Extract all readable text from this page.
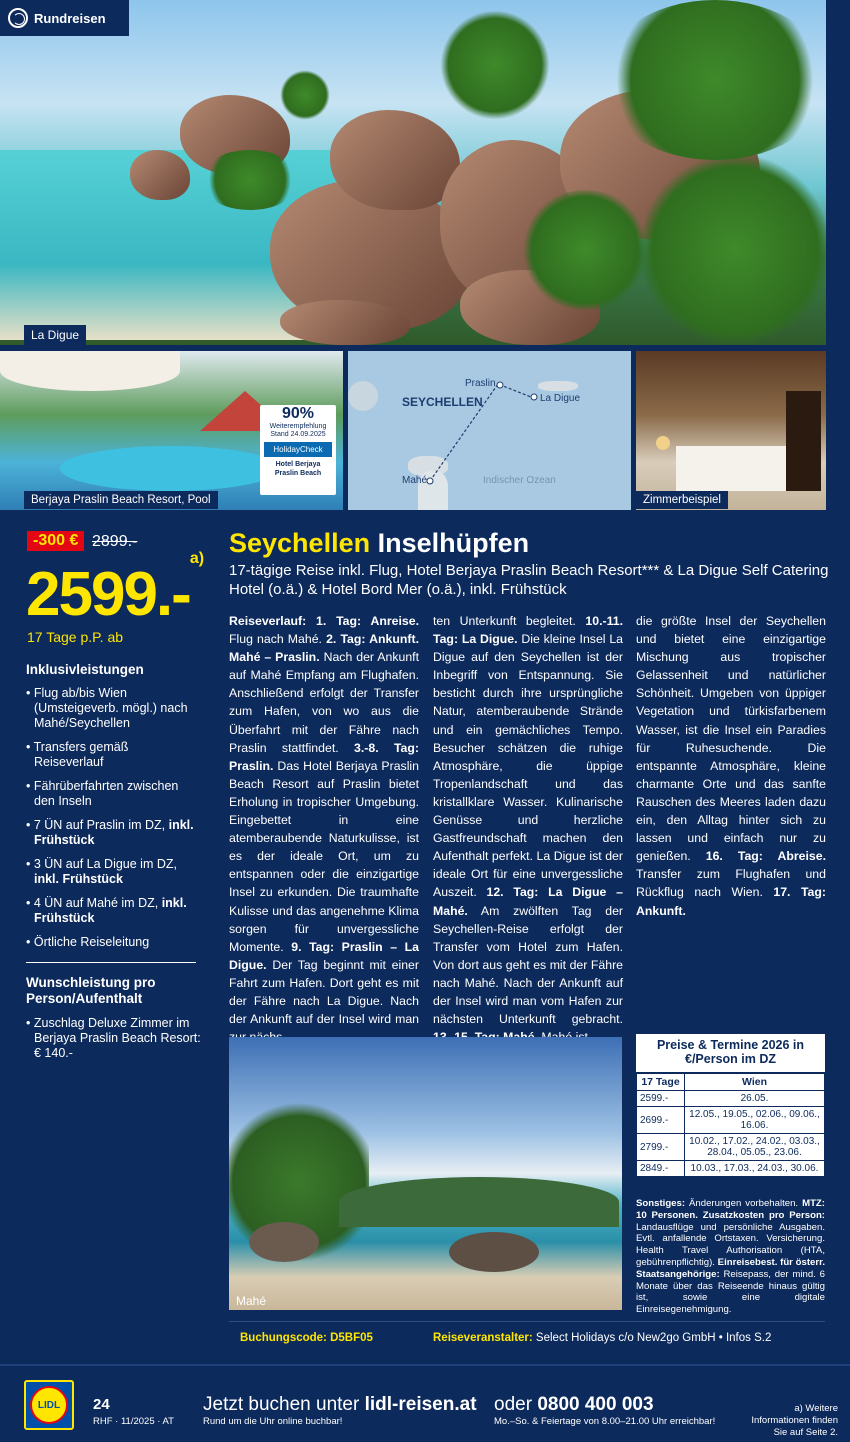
Rundreisen
La Digue
90%
Weiterempfehlung
Stand 24.09.2025
HolidayCheck
Hotel Berjaya Praslin Beach
Berjaya Praslin Beach Resort, Pool
SEYCHELLEN
Praslin
La Digue
Mahé	Indischer Ozean
Zimmerbeispiel
-300 € 2899.-
2599.-$^{a)}$
17 Tage p.P. ab
Inklusivleistungen
• Flug ab/bis Wien (Umsteigeverb. mögl.) nach Mahé/Seychellen
• Transfers gemäß Reiseverlauf
• Fährüberfahrten zwischen den Inseln
• 7 ÜN auf Praslin im DZ, inkl. Frühstück
• 3 ÜN auf La Digue im DZ, inkl. Frühstück
• 4 ÜN auf Mahé im DZ, inkl. Frühstück
• Örtliche Reiseleitung
Wunschleistung pro Person/Aufenthalt
• Zuschlag Deluxe Zimmer im Berjaya Praslin Beach Resort: € 140.-
Seychellen Inselhüpfen
17-tägige Reise inkl. Flug, Hotel Berjaya Praslin Beach Resort*** & La Digue Self Catering Hotel (o.ä.) & Hotel Bord Mer (o.ä.), inkl. Frühstück
Reiseverlauf: 1. Tag: Anreise. Flug nach Mahé. 2. Tag: Ankunft. Mahé – Praslin. Nach der Ankunft auf Mahé Empfang am Flughafen. Anschließend erfolgt der Transfer zum Hafen, von wo aus die Überfahrt mit der Fähre nach Praslin stattfindet. 3.-8. Tag: Praslin. Das Hotel Berjaya Praslin Beach Resort auf Praslin bietet Erholung in tropischer Umgebung. Eingebettet in eine atemberaubende Naturkulisse, ist es der ideale Ort, um zu entspannen oder die einzigartige Insel zu erkunden. Die traumhafte Kulisse und das angenehme Klima sorgen für unvergessliche Momente. 9. Tag: Praslin – La Digue. Der Tag beginnt mit einer Fahrt zum Hafen. Dort geht es mit der Fähre nach La Digue. Nach der Ankunft auf der Insel wird man
ten Unterkunft begleitet. 10.-11. Tag: La Digue. Die kleine Insel La Digue auf den Seychellen ist der Inbegriff von Entspannung. Sie besticht durch ihre ursprüngliche Natur, atemberaubende Strände und ein gemächliches Tempo. Besucher schätzen die ruhige Atmosphäre, die üppige Tropenlandschaft und das kristallklare Wasser. Kulinarische Genüsse und herzliche Gastfreundschaft machen den Aufenthalt perfekt. La Digue ist der ideale Ort für eine unvergessliche Auszeit. 12. Tag: La Digue – Mahé. Am zwölften Tag der Seychellen-Reise erfolgt der Transfer vom Hotel zum Hafen. Von dort aus geht es mit der Fähre nach Mahé. Nach der Ankunft auf der Insel wird man vom Hafen zur nächsten Unterkunft gebracht.
die größte Insel der Seychellen und bietet eine einzigartige Mischung aus tropischer Gelassenheit und natürlicher Schönheit. Umgeben von üppiger Vegetation und türkisfarbenem Wasser, ist die Insel ein Paradies für Ruhesuchende. Die entspannte Atmosphäre, kleine charmante Orte und das sanfte Rauschen des Meeres laden dazu ein, den Alltag hinter sich zu lassen und einfach nur zu genießen. 16. Tag: Abreise. Transfer zum Flughafen und Rückflug nach Wien. 17. Tag: Ankunft.
Mahé
Preise & Termine 2026 in €/Person im DZ
17 Tage	Wien
2599.-	26.05.
2699.-	12.05., 19.05., 02.06., 09.06., 16.06.
2799.-	10.02., 17.02., 24.02., 03.03., 28.04., 05.05., 23.06.
2849.-	10.03., 17.03., 24.03., 30.06.
Sonstiges: Änderungen vorbehalten. MTZ: 10 Personen. Zusatzkosten pro Person: Landausflüge und persönliche Ausgaben. Evtl. anfallende Ortstaxen. Versicherung. Health Travel Authorisation (HTA, gebührenpflichtig). Einreisebest. für österr. Staatsangehörige: Reisepass, der mind. 6 Monate über das Reiseende hinaus gültig ist, sowie eine digitale Einreisegenehmigung.
Buchungscode: D5BF05	Reiseveranstalter: Select Holidays c/o New2go GmbH • Infos S.2
LIDL 24
RHF · 11/2025 · AT
Jetzt buchen unter lidl-reisen.at
Rund um die Uhr online buchbar!
oder 0800 400 003
Mo.–So. & Feiertage von 8.00–21.00 Uhr erreichbar!
a) Weitere Informationen finden Sie auf Seite 2.
